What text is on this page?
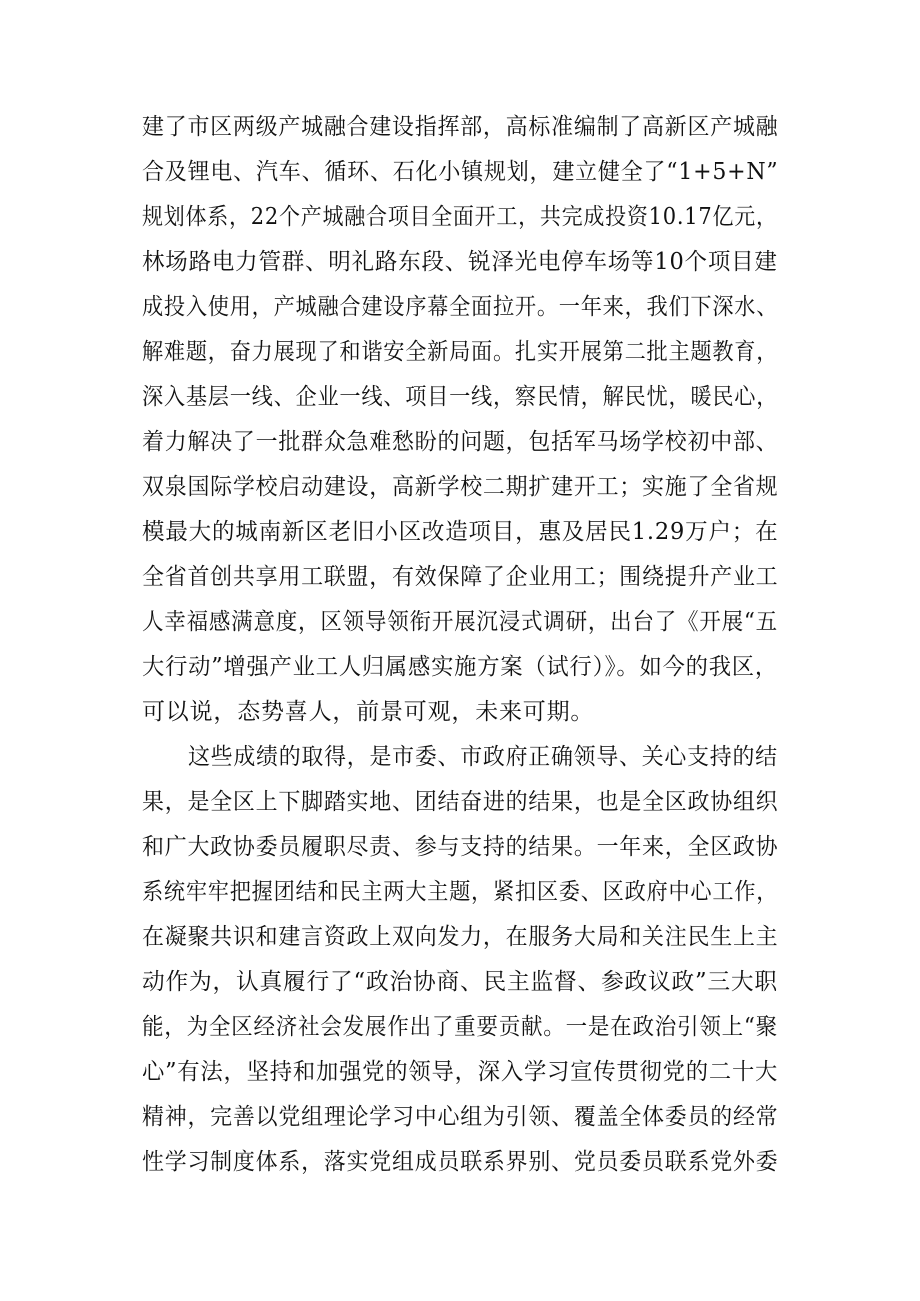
建了市区两级产城融合建设指挥部，高标准编制了高新区产城融
合及锂电、汽车、循环、石化小镇规划，建立健全了“1+5+N”
规划体系，22个产城融合项目全面开工，共完成投资10.17亿元，
林场路电力管群、明礼路东段、锐泽光电停车场等10个项目建
成投入使用，产城融合建设序幕全面拉开。一年来，我们下深水、
解难题，奋力展现了和谐安全新局面。扎实开展第二批主题教育，
深入基层一线、企业一线、项目一线，察民情，解民忧，暖民心，
着力解决了一批群众急难愁盼的问题，包括军马场学校初中部、
双泉国际学校启动建设，高新学校二期扩建开工；实施了全省规
模最大的城南新区老旧小区改造项目，惠及居民1.29万户；在
全省首创共享用工联盟，有效保障了企业用工；围绕提升产业工
人幸福感满意度，区领导领衔开展沉浸式调研，出台了《开展“五
大行动”增强产业工人归属感实施方案（试行）》。如今的我区，
可以说，态势喜人，前景可观，未来可期。
这些成绩的取得，是市委、市政府正确领导、关心支持的结
果，是全区上下脚踏实地、团结奋进的结果，也是全区政协组织
和广大政协委员履职尽责、参与支持的结果。一年来，全区政协
系统牢牢把握团结和民主两大主题，紧扣区委、区政府中心工作，
在凝聚共识和建言资政上双向发力，在服务大局和关注民生上主
动作为，认真履行了“政治协商、民主监督、参政议政”三大职
能，为全区经济社会发展作出了重要贡献。一是在政治引领上“聚
心”有法，坚持和加强党的领导，深入学习宣传贯彻党的二十大
精神，完善以党组理论学习中心组为引领、覆盖全体委员的经常
性学习制度体系，落实党组成员联系界别、党员委员联系党外委
